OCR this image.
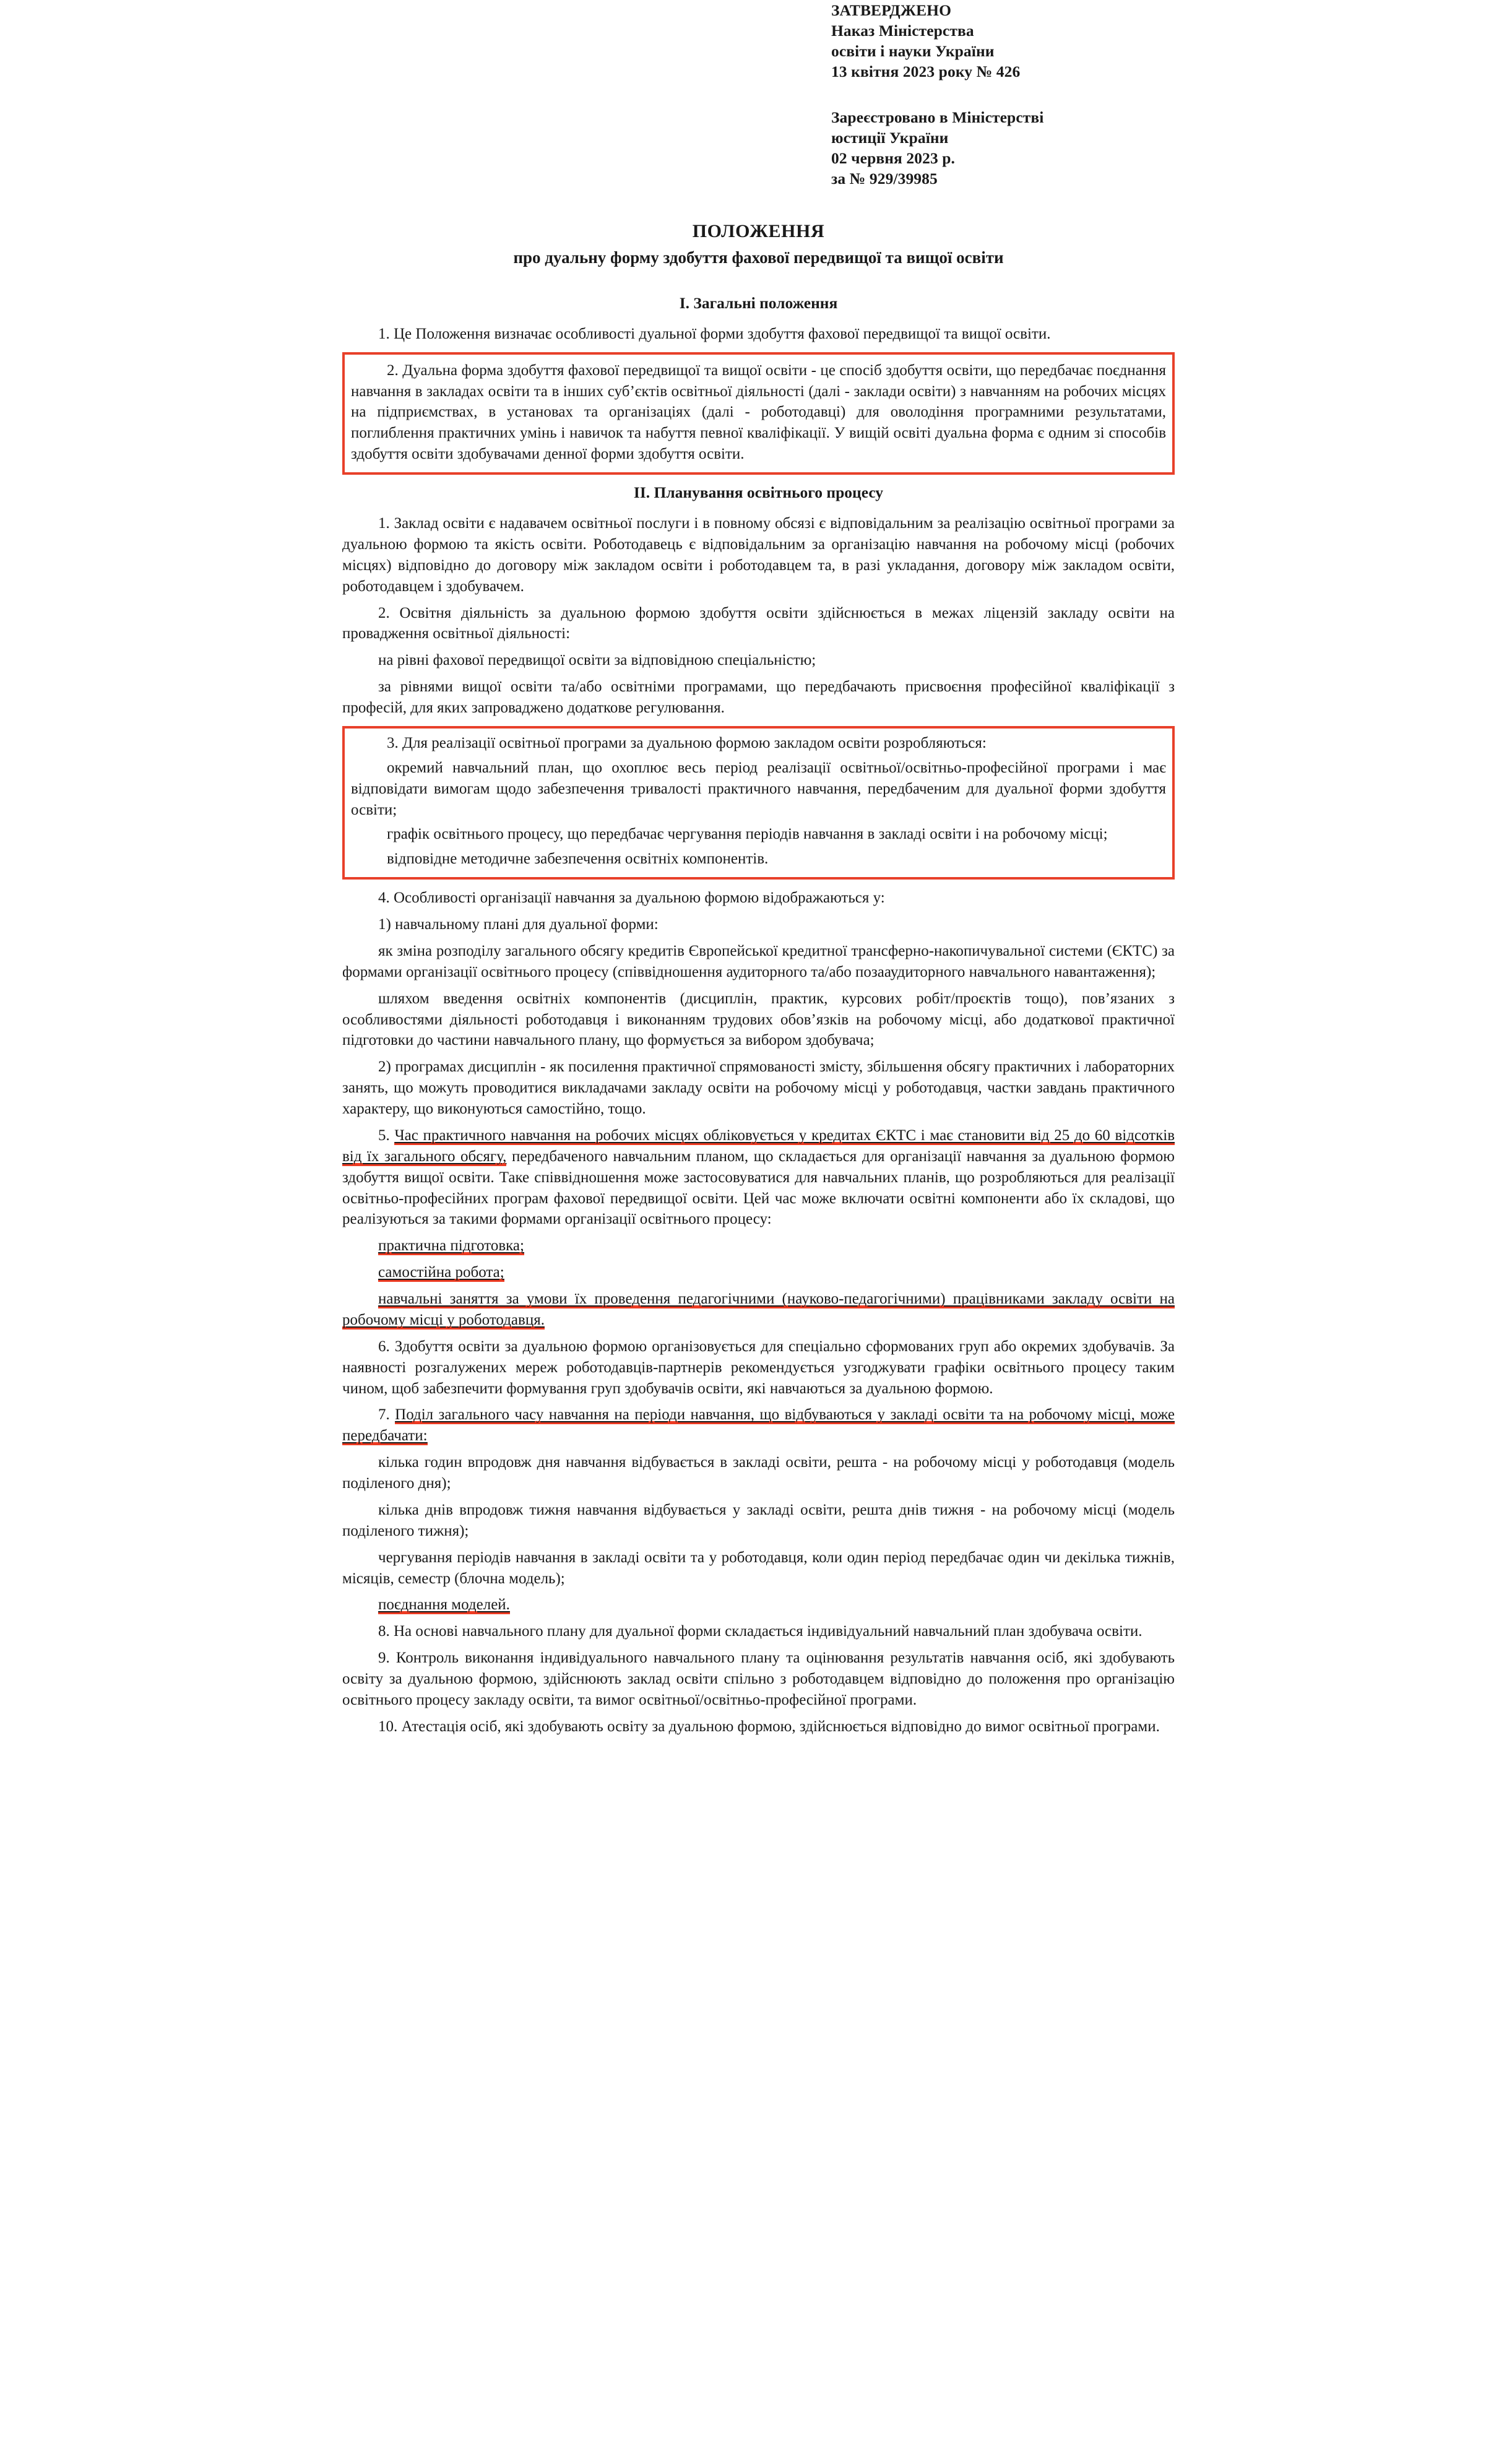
ЗАТВЕРДЖЕНО
Наказ Міністерства
освіти і науки України
13 квітня 2023 року № 426
Зареєстровано в Міністерстві
юстиції України
02 червня 2023 р.
за № 929/39985
ПОЛОЖЕННЯ
про дуальну форму здобуття фахової передвищої та вищої освіти
I. Загальні положення

1. Це Положення визначає особливості дуальної форми здобуття фахової передвищої та вищої освіти.

2. Дуальна форма здобуття фахової передвищої та вищої освіти - це спосіб здобуття освіти, що передбачає поєднання навчання в закладах освіти та в інших суб’єктів освітньої діяльності (далі - заклади освіти) з навчанням на робочих місцях на підприємствах, в установах та організаціях (далі - роботодавці) для оволодіння програмними результатами, поглиблення практичних умінь і навичок та набуття певної кваліфікації. У вищій освіті дуальна форма є одним зі способів здобуття освіти здобувачами денної форми здобуття освіти.

II. Планування освітнього процесу

1. Заклад освіти є надавачем освітньої послуги і в повному обсязі є відповідальним за реалізацію освітньої програми за дуальною формою та якість освіти. Роботодавець є відповідальним за організацію навчання на робочому місці (робочих місцях) відповідно до договору між закладом освіти і роботодавцем та, в разі укладання, договору між закладом освіти, роботодавцем і здобувачем.

2. Освітня діяльність за дуальною формою здобуття освіти здійснюється в межах ліцензій закладу освіти на провадження освітньої діяльності:

на рівні фахової передвищої освіти за відповідною спеціальністю;

за рівнями вищої освіти та/або освітніми програмами, що передбачають присвоєння професійної кваліфікації з професій, для яких запроваджено додаткове регулювання.

3. Для реалізації освітньої програми за дуальною формою закладом освіти розробляються:

окремий навчальний план, що охоплює весь період реалізації освітньої/освітньо-професійної програми і має відповідати вимогам щодо забезпечення тривалості практичного навчання, передбаченим для дуальної форми здобуття освіти;

графік освітнього процесу, що передбачає чергування періодів навчання в закладі освіти і на робочому місці;

відповідне методичне забезпечення освітніх компонентів.

4. Особливості організації навчання за дуальною формою відображаються у:

1) навчальному плані для дуальної форми:

як зміна розподілу загального обсягу кредитів Європейської кредитної трансферно-накопичувальної системи (ЄКТС) за формами організації освітнього процесу (співвідношення аудиторного та/або позааудиторного навчального навантаження);

шляхом введення освітніх компонентів (дисциплін, практик, курсових робіт/проєктів тощо), пов’язаних з особливостями діяльності роботодавця і виконанням трудових обов’язків на робочому місці, або додаткової практичної підготовки до частини навчального плану, що формується за вибором здобувача;

2) програмах дисциплін - як посилення практичної спрямованості змісту, збільшення обсягу практичних і лабораторних занять, що можуть проводитися викладачами закладу освіти на робочому місці у роботодавця, частки завдань практичного характеру, що виконуються самостійно, тощо.

5. Час практичного навчання на робочих місцях обліковується у кредитах ЄКТС і має становити від 25 до 60 відсотків від їх загального обсягу, передбаченого навчальним планом, що складається для організації навчання за дуальною формою здобуття вищої освіти. Таке співвідношення може застосовуватися для навчальних планів, що розробляються для реалізації освітньо-професійних програм фахової передвищої освіти. Цей час може включати освітні компоненти або їх складові, що реалізуються за такими формами організації освітнього процесу:

практична підготовка;

самостійна робота;

навчальні заняття за умови їх проведення педагогічними (науково-педагогічними) працівниками закладу освіти на робочому місці у роботодавця.

6. Здобуття освіти за дуальною формою організовується для спеціально сформованих груп або окремих здобувачів. За наявності розгалужених мереж роботодавців-партнерів рекомендується узгоджувати графіки освітнього процесу таким чином, щоб забезпечити формування груп здобувачів освіти, які навчаються за дуальною формою.

7. Поділ загального часу навчання на періоди навчання, що відбуваються у закладі освіти та на робочому місці, може передбачати:

кілька годин впродовж дня навчання відбувається в закладі освіти, решта - на робочому місці у роботодавця (модель поділеного дня);

кілька днів впродовж тижня навчання відбувається у закладі освіти, решта днів тижня - на робочому місці (модель поділеного тижня);

чергування періодів навчання в закладі освіти та у роботодавця, коли один період передбачає один чи декілька тижнів, місяців, семестр (блочна модель);

поєднання моделей.

8. На основі навчального плану для дуальної форми складається індивідуальний навчальний план здобувача освіти.

9. Контроль виконання індивідуального навчального плану та оцінювання результатів навчання осіб, які здобувають освіту за дуальною формою, здійснюють заклад освіти спільно з роботодавцем відповідно до положення про організацію освітнього процесу закладу освіти, та вимог освітньої/освітньо-професійної програми.

10. Атестація осіб, які здобувають освіту за дуальною формою, здійснюється відповідно до вимог освітньої програми.
